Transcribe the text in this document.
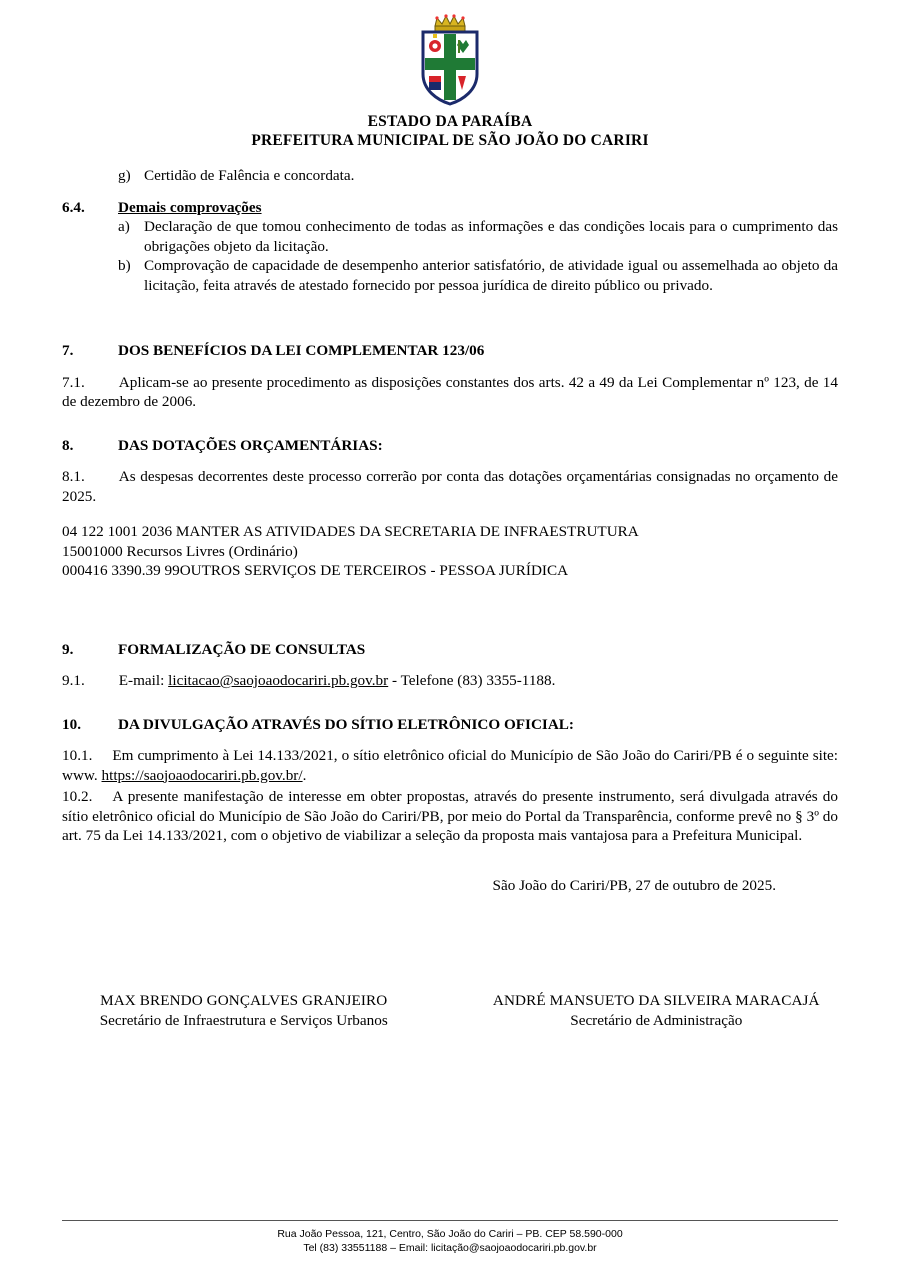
ESTADO DA PARAÍBA
PREFEITURA MUNICIPAL DE SÃO JOÃO DO CARIRI
g) Certidão de Falência e concordata.
6.4.	Demais comprovações
a) Declaração de que tomou conhecimento de todas as informações e das condições locais para o cumprimento das obrigações objeto da licitação.
b) Comprovação de capacidade de desempenho anterior satisfatório, de atividade igual ou assemelhada ao objeto da licitação, feita através de atestado fornecido por pessoa jurídica de direito público ou privado.
7.	DOS BENEFÍCIOS DA LEI COMPLEMENTAR 123/06
7.1. Aplicam-se ao presente procedimento as disposições constantes dos arts. 42 a 49 da Lei Complementar nº 123, de 14 de dezembro de 2006.
8.	DAS DOTAÇÕES ORÇAMENTÁRIAS:
8.1. As despesas decorrentes deste processo correrão por conta das dotações orçamentárias consignadas no orçamento de 2025.
04 122 1001 2036 MANTER AS ATIVIDADES DA SECRETARIA DE INFRAESTRUTURA
15001000 Recursos Livres (Ordinário)
000416 3390.39 99OUTROS SERVIÇOS DE TERCEIROS - PESSOA JURÍDICA
9.	FORMALIZAÇÃO DE CONSULTAS
9.1. E-mail: licitacao@saojoaodocariri.pb.gov.br - Telefone (83) 3355-1188.
10.	DA DIVULGAÇÃO ATRAVÉS DO SÍTIO ELETRÔNICO OFICIAL:
10.1. Em cumprimento à Lei 14.133/2021, o sítio eletrônico oficial do Município de São João do Cariri/PB é o seguinte site: www. https://saojoaodocariri.pb.gov.br/.
10.2. A presente manifestação de interesse em obter propostas, através do presente instrumento, será divulgada através do sítio eletrônico oficial do Município de São João do Cariri/PB, por meio do Portal da Transparência, conforme prevê no § 3º do art. 75 da Lei 14.133/2021, com o objetivo de viabilizar a seleção da proposta mais vantajosa para a Prefeitura Municipal.
São João do Cariri/PB, 27 de outubro de 2025.
MAX BRENDO GONÇALVES GRANJEIRO
Secretário de Infraestrutura e Serviços Urbanos
ANDRÉ MANSUETO DA SILVEIRA MARACAJÁ
Secretário de Administração
Rua João Pessoa, 121, Centro, São João do Cariri – PB. CEP 58.590-000
Tel (83) 33551188 – Email: licitação@saojoaodocariri.pb.gov.br
